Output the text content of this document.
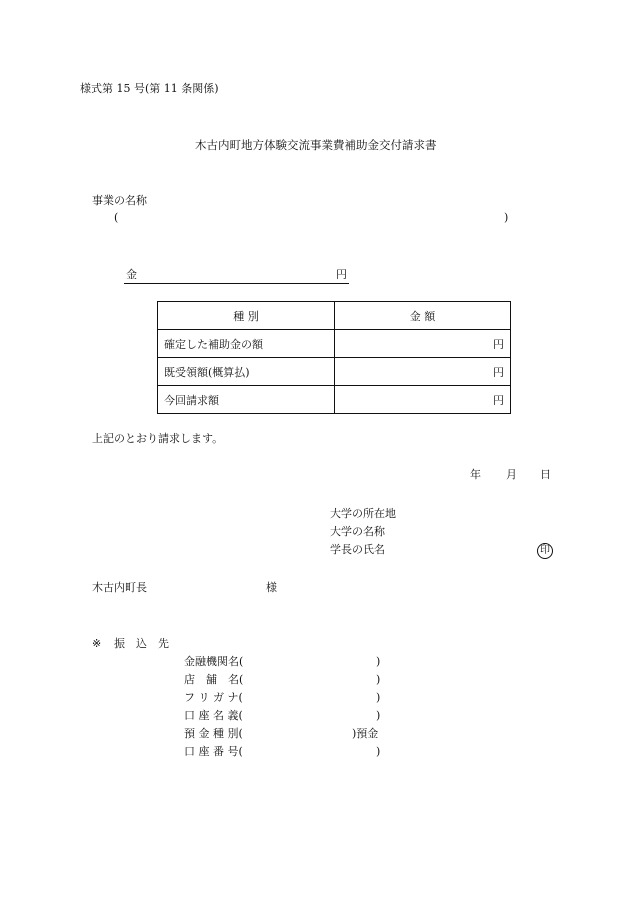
様式第 15 号(第 11 条関係)
木古内町地方体験交流事業費補助金交付請求書
事業の名称
(	)
金	円
種 別	金 額
確定した補助金の額	円
既受領額(概算払)	円
今回請求額	円
上記のとおり請求します。
年 月 日
大学の所在地
大学の名称
学長の氏名	印
木古内町長	様
※ 振 込 先
金融機関名(	)
店　舗　名(	)
フ リ ガ ナ(	)
口 座 名 義(	)
預 金 種 別(	)預金
口 座 番 号(	)
